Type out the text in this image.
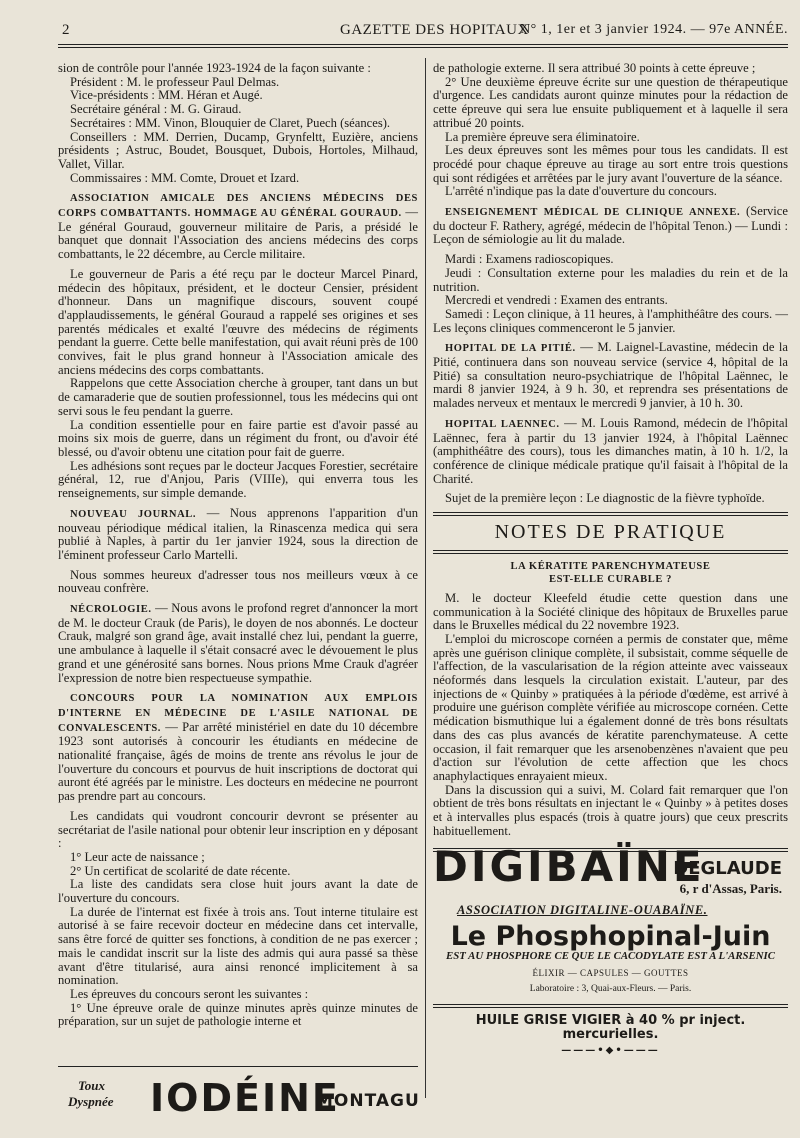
2	GAZETTE DES HOPITAUX
N° 1, 1er et 3 janvier 1924. — 97e ANNÉE.

sion de contrôle pour l'année 1923-1924 de la façon suivante :

Président : M. le professeur Paul Delmas.

Vice-présidents : MM. Héran et Augé.

Secrétaire général : M. G. Giraud.

Secrétaires : MM. Vinon, Blouquier de Claret, Puech (séances).

Conseillers : MM. Derrien, Ducamp, Grynfeltt, Euzière, anciens présidents ; Astruc, Boudet, Bousquet, Dubois, Hortoles, Milhaud, Vallet, Villar.

Commissaires : MM. Comte, Drouet et Izard.

ASSOCIATION AMICALE DES ANCIENS MÉDECINS DES CORPS COMBATTANTS. HOMMAGE AU GÉNÉRAL GOURAUD. — Le général Gouraud, gouverneur militaire de Paris, a présidé le banquet que donnait l'Association des anciens médecins des corps combattants, le 22 décembre, au Cercle militaire.

Le gouverneur de Paris a été reçu par le docteur Marcel Pinard, médecin des hôpitaux, président, et le docteur Censier, président d'honneur. Dans un magnifique discours, souvent coupé d'applaudissements, le général Gouraud a rappelé ses origines et ses parentés médicales et exalté l'œuvre des médecins de régiments pendant la guerre. Cette belle manifestation, qui avait réuni près de 100 convives, fait le plus grand honneur à l'Association amicale des anciens médecins des corps combattants.

Rappelons que cette Association cherche à grouper, tant dans un but de camaraderie que de soutien professionnel, tous les médecins qui ont servi sous le feu pendant la guerre.

La condition essentielle pour en faire partie est d'avoir passé au moins six mois de guerre, dans un régiment du front, ou d'avoir été blessé, ou d'avoir obtenu une citation pour fait de guerre.

Les adhésions sont reçues par le docteur Jacques Forestier, secrétaire général, 12, rue d'Anjou, Paris (VIIIe), qui enverra tous les renseignements, sur simple demande.

NOUVEAU JOURNAL. — Nous apprenons l'apparition d'un nouveau périodique médical italien, la Rinascenza medica qui sera publié à Naples, à partir du 1er janvier 1924, sous la direction de l'éminent professeur Carlo Martelli.

Nous sommes heureux d'adresser tous nos meilleurs vœux à ce nouveau confrère.

NÉCROLOGIE. — Nous avons le profond regret d'annoncer la mort de M. le docteur Crauk (de Paris), le doyen de nos abonnés. Le docteur Crauk, malgré son grand âge, avait installé chez lui, pendant la guerre, une ambulance à laquelle il s'était consacré avec le dévouement le plus grand et une générosité sans bornes. Nous prions Mme Crauk d'agréer l'expression de notre bien respectueuse sympathie.

CONCOURS POUR LA NOMINATION AUX EMPLOIS D'INTERNE EN MÉDECINE DE L'ASILE NATIONAL DE CONVALESCENTS. — Par arrêté ministériel en date du 10 décembre 1923 sont autorisés à concourir les étudiants en médecine de nationalité française, âgés de moins de trente ans révolus le jour de l'ouverture du concours et pourvus de huit inscriptions de doctorat qui auront été agréés par le ministre. Les docteurs en médecine ne pourront pas prendre part au concours.

Les candidats qui voudront concourir devront se présenter au secrétariat de l'asile national pour obtenir leur inscription en y déposant :

1° Leur acte de naissance ;

2° Un certificat de scolarité de date récente.

La liste des candidats sera close huit jours avant la date de l'ouverture du concours.

La durée de l'internat est fixée à trois ans. Tout interne titulaire est autorisé à se faire recevoir docteur en médecine dans cet intervalle, sans être forcé de quitter ses fonctions, à condition de ne pas exercer ; mais le candidat inscrit sur la liste des admis qui aura passé sa thèse avant d'être titularisé, aura ainsi renoncé implicitement à sa nomination.

Les épreuves du concours seront les suivantes :

1° Une épreuve orale de quinze minutes après quinze minutes de préparation, sur un sujet de pathologie interne et

Toux
Dyspnée IODÉINE
MONTAGU

de pathologie externe. Il sera attribué 30 points à cette épreuve ;

2° Une deuxième épreuve écrite sur une question de thérapeutique d'urgence. Les candidats auront quinze minutes pour la rédaction de cette épreuve qui sera lue ensuite publiquement et à laquelle il sera attribué 20 points.

La première épreuve sera éliminatoire.

Les deux épreuves sont les mêmes pour tous les candidats. Il est procédé pour chaque épreuve au tirage au sort entre trois questions qui sont rédigées et arrêtées par le jury avant l'ouverture de la séance.

L'arrêté n'indique pas la date d'ouverture du concours.

ENSEIGNEMENT MÉDICAL DE CLINIQUE ANNEXE. (Service du docteur F. Rathery, agrégé, médecin de l'hôpital Tenon.) — Lundi : Leçon de sémiologie au lit du malade.

Mardi : Examens radioscopiques.

Jeudi : Consultation externe pour les maladies du rein et de la nutrition.

Mercredi et vendredi : Examen des entrants.

Samedi : Leçon clinique, à 11 heures, à l'amphithéâtre des cours. — Les leçons cliniques commenceront le 5 janvier.

HOPITAL DE LA PITIÉ. — M. Laignel-Lavastine, médecin de la Pitié, continuera dans son nouveau service (service 4, hôpital de la Pitié) sa consultation neuro-psychiatrique de l'hôpital Laënnec, le mardi 8 janvier 1924, à 9 h. 30, et reprendra ses présentations de malades nerveux et mentaux le mercredi 9 janvier, à 10 h. 30.

HOPITAL LAENNEC. — M. Louis Ramond, médecin de l'hôpital Laënnec, fera à partir du 13 janvier 1924, à l'hôpital Laënnec (amphithéâtre des cours), tous les dimanches matin, à 10 h. 1/2, la conférence de clinique médicale pratique qu'il faisait à l'hôpital de la Charité.

Sujet de la première leçon : Le diagnostic de la fièvre typhoïde.

NOTES DE PRATIQUE
LA KÉRATITE PARENCHYMATEUSE
EST-ELLE CURABLE ?

M. le docteur Kleefeld étudie cette question dans une communication à la Société clinique des hôpitaux de Bruxelles parue dans le Bruxelles médical du 22 novembre 1923.

L'emploi du microscope cornéen a permis de constater que, même après une guérison clinique complète, il subsistait, comme séquelle de l'affection, de la vascularisation de la région atteinte avec vaisseaux néoformés dans lesquels la circulation existait. L'auteur, par des injections de « Quinby » pratiquées à la période d'œdème, est arrivé à produire une guérison complète vérifiée au microscope cornéen. Cette médication bismuthique lui a également donné de très bons résultats dans des cas plus avancés de kératite parenchymateuse. A cette occasion, il fait remarquer que les arsenobenzènes n'avaient que peu d'action sur l'évolution de cette affection que les chocs anaphylactiques enrayaient mieux.

Dans la discussion qui a suivi, M. Colard fait remarquer que l'on obtient de très bons résultats en injectant le « Quinby » à petites doses et à intervalles plus espacés (trois à quatre jours) que ceux prescrits habituellement.

DIGIBAÏNE
DEGLAUDE
6, r d'Assas, Paris.
ASSOCIATION DIGITALINE-OUABAÏNE.
Le Phosphopinal-Juin
EST AU PHOSPHORE CE QUE LE CACODYLATE EST A L'ARSENIC
ÉLIXIR — CAPSULES — GOUTTES
Laboratoire : 3, Quai-aux-Fleurs. — Paris.
HUILE GRISE VIGIER à 40 % pr inject. mercurielles.
———•◆•———
